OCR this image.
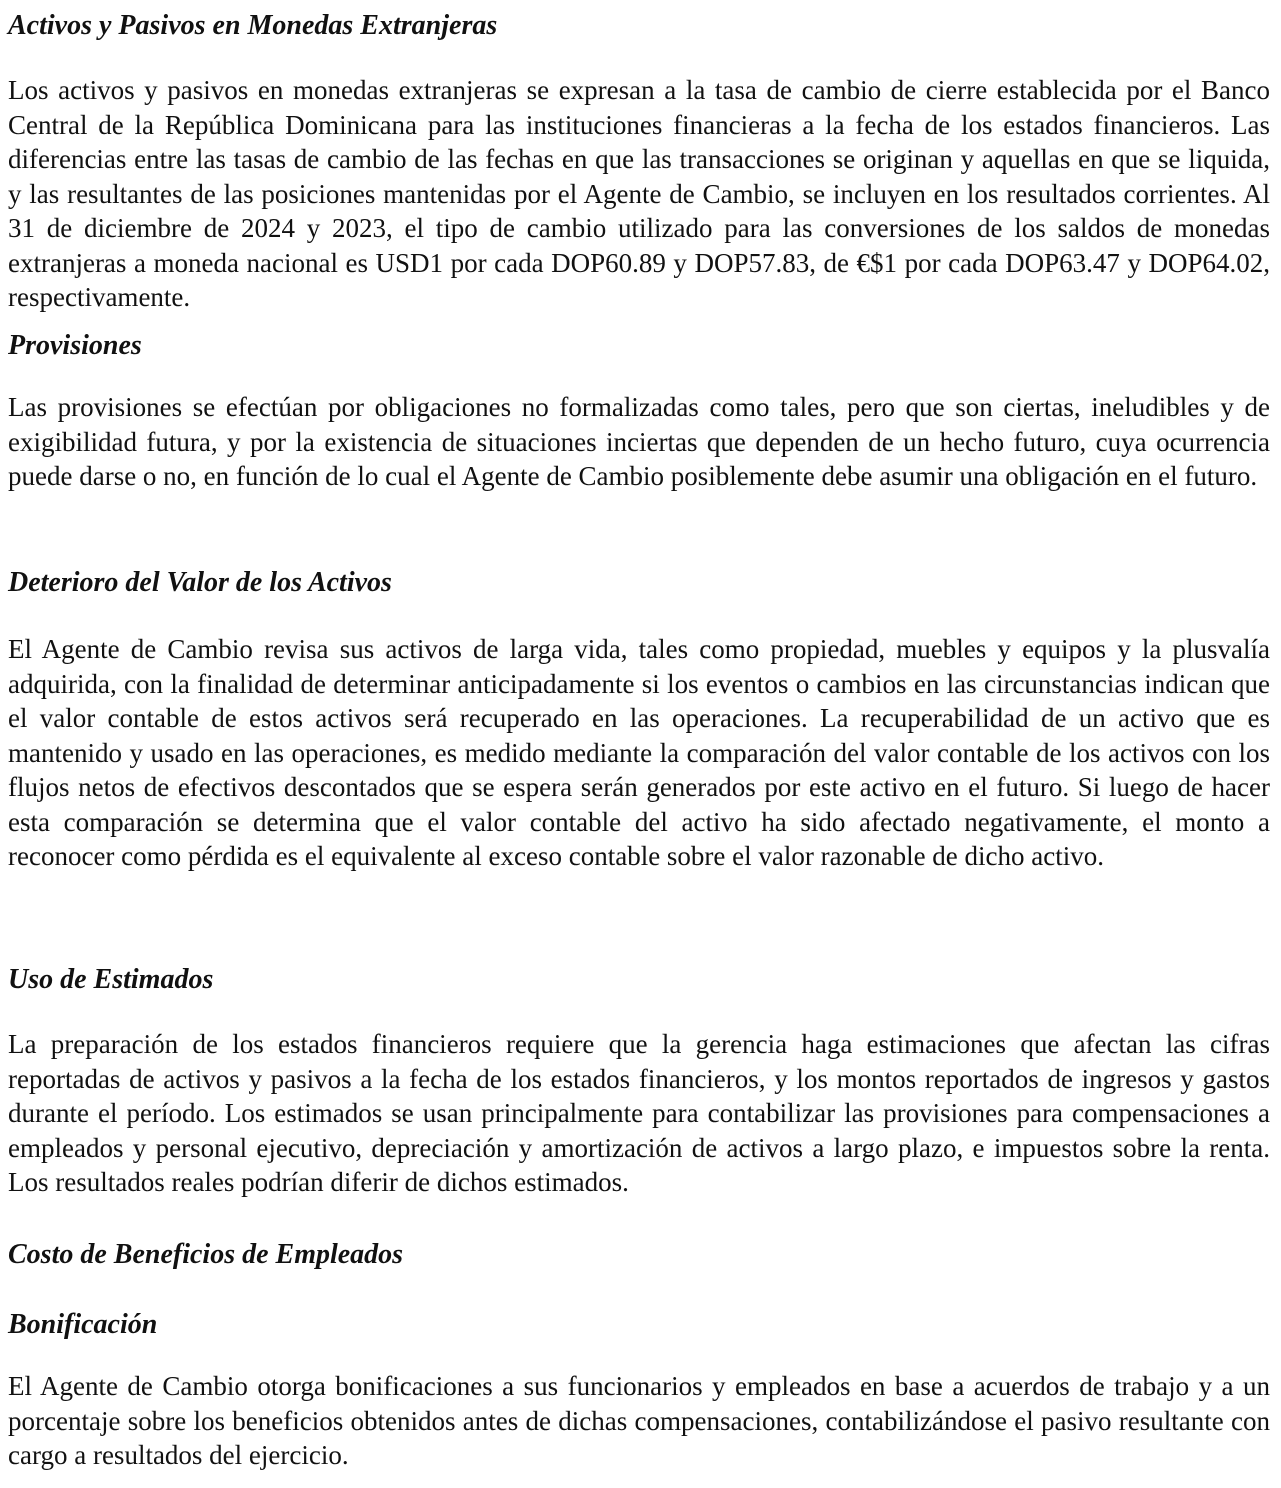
Activos y Pasivos en Monedas Extranjeras

Los activos y pasivos en monedas extranjeras se expresan a la tasa de cambio de cierre establecida por el Banco Central de la República Dominicana para las instituciones financieras a la fecha de los estados financieros. Las diferencias entre las tasas de cambio de las fechas en que las transacciones se originan y aquellas en que se liquida, y las resultantes de las posiciones mantenidas por el Agente de Cambio, se incluyen en los resultados corrientes. Al 31 de diciembre de 2024 y 2023, el tipo de cambio utilizado para las conversiones de los saldos de monedas extranjeras a moneda nacional es USD1 por cada DOP60.89 y DOP57.83, de €$1 por cada DOP63.47 y DOP64.02, respectivamente.

Provisiones

Las provisiones se efectúan por obligaciones no formalizadas como tales, pero que son ciertas, ineludibles y de exigibilidad futura, y por la existencia de situaciones inciertas que dependen de un hecho futuro, cuya ocurrencia puede darse o no, en función de lo cual el Agente de Cambio posiblemente debe asumir una obligación en el futuro.

Deterioro del Valor de los Activos

El Agente de Cambio revisa sus activos de larga vida, tales como propiedad, muebles y equipos y la plusvalía adquirida, con la finalidad de determinar anticipadamente si los eventos o cambios en las circunstancias indican que el valor contable de estos activos será recuperado en las operaciones. La recuperabilidad de un activo que es mantenido y usado en las operaciones, es medido mediante la comparación del valor contable de los activos con los flujos netos de efectivos descontados que se espera serán generados por este activo en el futuro. Si luego de hacer esta comparación se determina que el valor contable del activo ha sido afectado negativamente, el monto a reconocer como pérdida es el equivalente al exceso contable sobre el valor razonable de dicho activo.

Uso de Estimados

La preparación de los estados financieros requiere que la gerencia haga estimaciones que afectan las cifras reportadas de activos y pasivos a la fecha de los estados financieros, y los montos reportados de ingresos y gastos durante el período. Los estimados se usan principalmente para contabilizar las provisiones para compensaciones a empleados y personal ejecutivo, depreciación y amortización de activos a largo plazo, e impuestos sobre la renta. Los resultados reales podrían diferir de dichos estimados.

Costo de Beneficios de Empleados
Bonificación

El Agente de Cambio otorga bonificaciones a sus funcionarios y empleados en base a acuerdos de trabajo y a un porcentaje sobre los beneficios obtenidos antes de dichas compensaciones, contabilizándose el pasivo resultante con cargo a resultados del ejercicio.
